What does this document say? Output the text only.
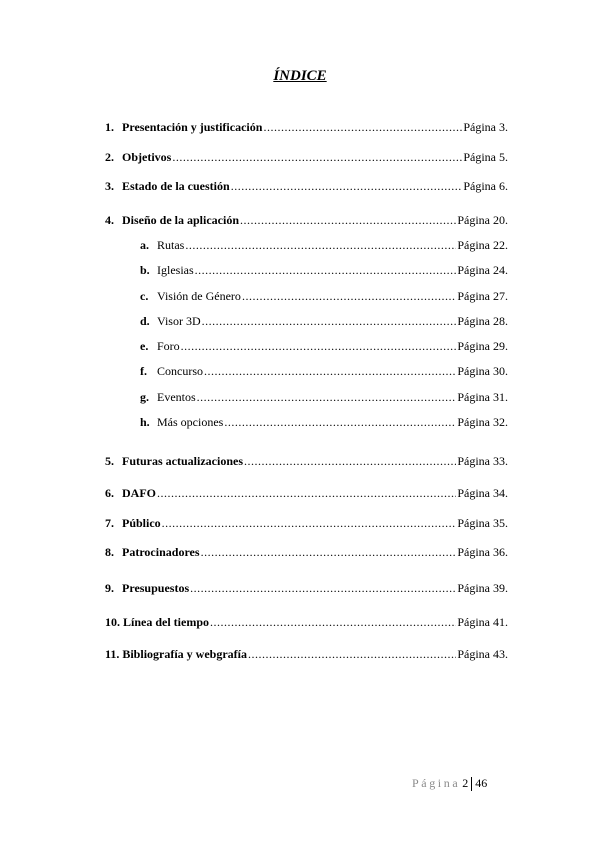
ÍNDICE
1. Presentación y justificación .....	Página 3.
2. Objetivos .....	Página 5.
3. Estado de la cuestión .....	Página 6.
4. Diseño de la aplicación .....	Página 20.
a. Rutas .....	Página 22.
b. Iglesias .....	Página 24.
c. Visión de Género .....	Página 27.
d. Visor 3D .....	Página 28.
e. Foro .....	Página 29.
f. Concurso .....	Página 30.
g. Eventos .....	Página 31.
h. Más opciones .....	Página 32.
5. Futuras actualizaciones .....	Página 33.
6. DAFO .....	Página 34.
7. Público .....	Página 35.
8. Patrocinadores .....	Página 36.
9. Presupuestos .....	Página 39.
10. Línea del tiempo .....	Página 41.
11. Bibliografía y webgrafía .....	Página 43.
Página 2 46
